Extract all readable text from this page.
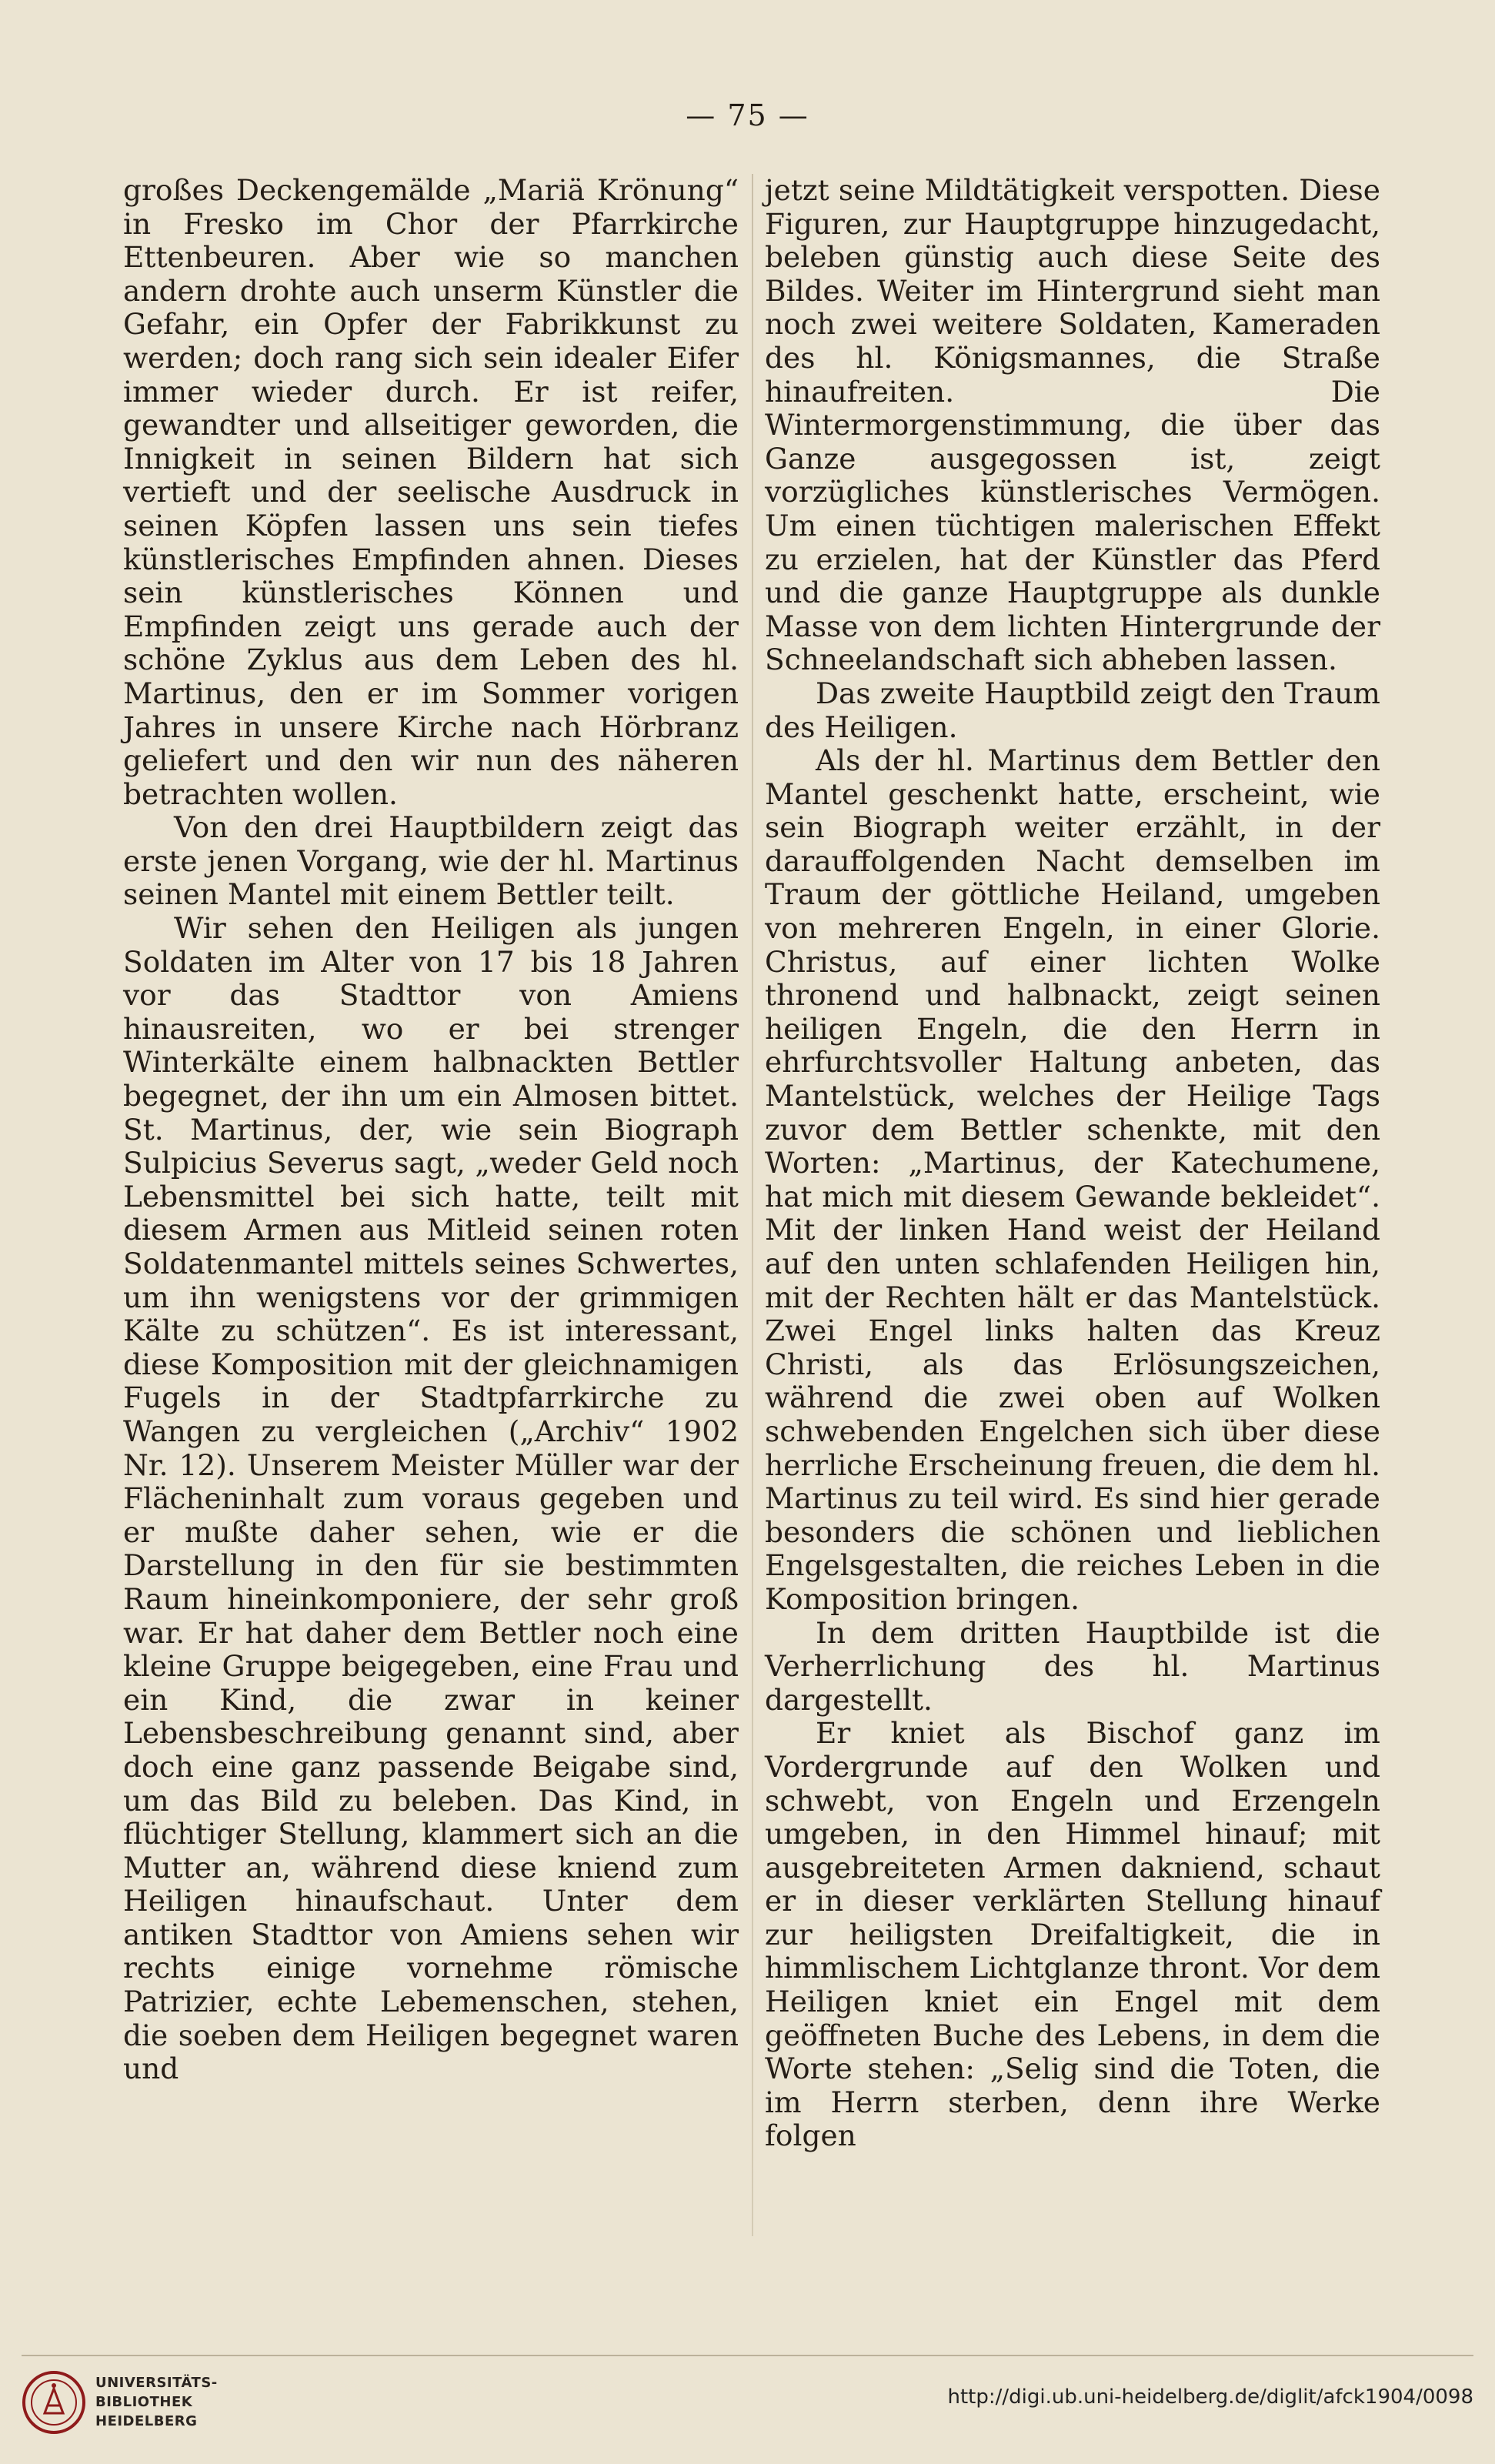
— 75 —

großes Deckengemälde „Mariä Krönung“ in Fresko im Chor der Pfarrkirche Ettenbeuren. Aber wie so manchen andern drohte auch unserm Künstler die Gefahr, ein Opfer der Fabrikkunst zu werden; doch rang sich sein idealer Eifer immer wieder durch. Er ist reifer, gewandter und allseitiger geworden, die Innigkeit in seinen Bildern hat sich vertieft und der seelische Ausdruck in seinen Köpfen lassen uns sein tiefes künstlerisches Empfinden ahnen. Dieses sein künstlerisches Können und Empfinden zeigt uns gerade auch der schöne Zyklus aus dem Leben des hl. Martinus, den er im Sommer vorigen Jahres in unsere Kirche nach Hörbranz geliefert und den wir nun des näheren betrachten wollen.

Von den drei Hauptbildern zeigt das erste jenen Vorgang, wie der hl. Martinus seinen Mantel mit einem Bettler teilt.

Wir sehen den Heiligen als jungen Soldaten im Alter von 17 bis 18 Jahren vor das Stadttor von Amiens hinausreiten, wo er bei strenger Winterkälte einem halbnackten Bettler begegnet, der ihn um ein Almosen bittet. St. Martinus, der, wie sein Biograph Sulpicius Severus sagt, „weder Geld noch Lebensmittel bei sich hatte, teilt mit diesem Armen aus Mitleid seinen roten Soldatenmantel mittels seines Schwertes, um ihn wenigstens vor der grimmigen Kälte zu schützen“. Es ist interessant, diese Komposition mit der gleichnamigen Fugels in der Stadtpfarrkirche zu Wangen zu vergleichen („Archiv“ 1902 Nr. 12). Unserem Meister Müller war der Flächeninhalt zum voraus gegeben und er mußte daher sehen, wie er die Darstellung in den für sie bestimmten Raum hineinkomponiere, der sehr groß war. Er hat daher dem Bettler noch eine kleine Gruppe beigegeben, eine Frau und ein Kind, die zwar in keiner Lebensbeschreibung genannt sind, aber doch eine ganz passende Beigabe sind, um das Bild zu beleben. Das Kind, in flüchtiger Stellung, klammert sich an die Mutter an, während diese kniend zum Heiligen hinaufschaut. Unter dem antiken Stadttor von Amiens sehen wir rechts einige vornehme römische Patrizier, echte Lebemenschen, stehen, die soeben dem Heiligen begegnet waren und

jetzt seine Mildtätigkeit verspotten. Diese Figuren, zur Hauptgruppe hinzugedacht, beleben günstig auch diese Seite des Bildes. Weiter im Hintergrund sieht man noch zwei weitere Soldaten, Kameraden des hl. Königsmannes, die Straße hinaufreiten. Die Wintermorgenstimmung, die über das Ganze ausgegossen ist, zeigt vorzügliches künstlerisches Vermögen. Um einen tüchtigen malerischen Effekt zu erzielen, hat der Künstler das Pferd und die ganze Hauptgruppe als dunkle Masse von dem lichten Hintergrunde der Schneelandschaft sich abheben lassen.

Das zweite Hauptbild zeigt den Traum des Heiligen.

Als der hl. Martinus dem Bettler den Mantel geschenkt hatte, erscheint, wie sein Biograph weiter erzählt, in der darauffolgenden Nacht demselben im Traum der göttliche Heiland, umgeben von mehreren Engeln, in einer Glorie. Christus, auf einer lichten Wolke thronend und halbnackt, zeigt seinen heiligen Engeln, die den Herrn in ehrfurchtsvoller Haltung anbeten, das Mantelstück, welches der Heilige Tags zuvor dem Bettler schenkte, mit den Worten: „Martinus, der Katechumene, hat mich mit diesem Gewande bekleidet“. Mit der linken Hand weist der Heiland auf den unten schlafenden Heiligen hin, mit der Rechten hält er das Mantelstück. Zwei Engel links halten das Kreuz Christi, als das Erlösungszeichen, während die zwei oben auf Wolken schwebenden Engelchen sich über diese herrliche Erscheinung freuen, die dem hl. Martinus zu teil wird. Es sind hier gerade besonders die schönen und lieblichen Engelsgestalten, die reiches Leben in die Komposition bringen.

In dem dritten Hauptbilde ist die Verherrlichung des hl. Martinus dargestellt.

Er kniet als Bischof ganz im Vordergrunde auf den Wolken und schwebt, von Engeln und Erzengeln umgeben, in den Himmel hinauf; mit ausgebreiteten Armen dakniend, schaut er in dieser verklärten Stellung hinauf zur heiligsten Dreifaltigkeit, die in himmlischem Lichtglanze thront. Vor dem Heiligen kniet ein Engel mit dem geöffneten Buche des Lebens, in dem die Worte stehen: „Selig sind die Toten, die im Herrn sterben, denn ihre Werke folgen

UNIVERSITÄTS-
BIBLIOTHEK
HEIDELBERG
http://digi.ub.uni-heidelberg.de/diglit/afck1904/0098
